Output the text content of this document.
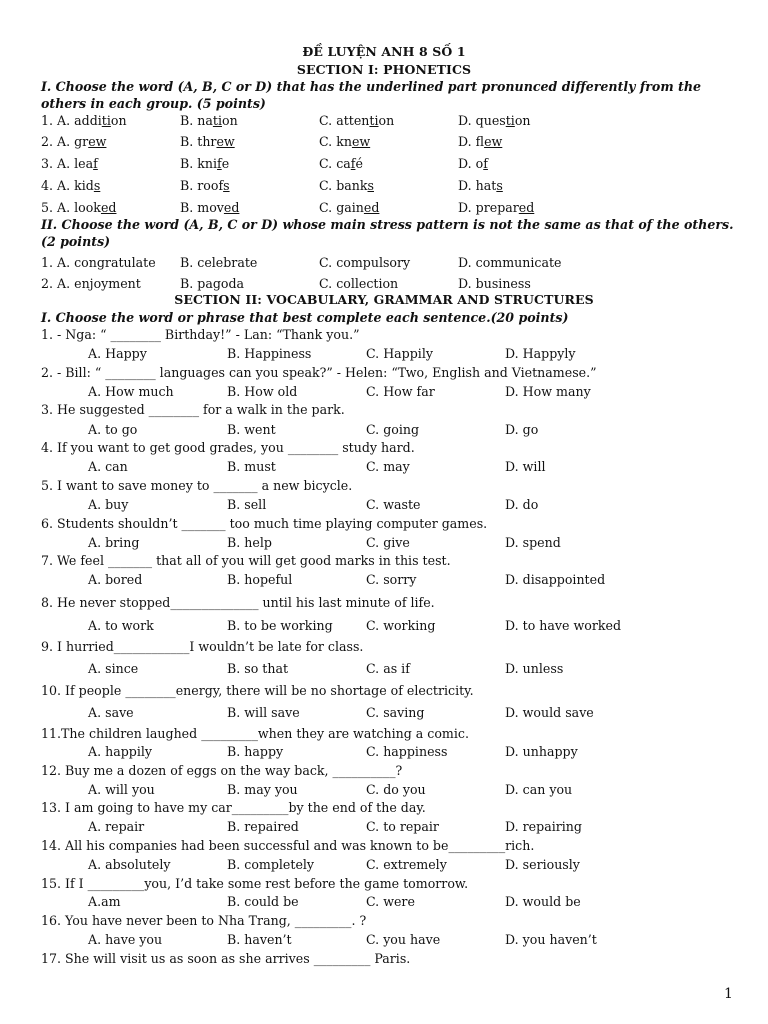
ĐỀ LUYỆN ANH 8 SỐ 1
SECTION I: PHONETICS
I. Choose the word (A, B, C or D) that has the underlined part pronunced differently from the others in each group. (5 points)
1. A. addition	B. nation	C. attention	D. question
2. A. grew	B. threw	C. knew	D. flew
3. A. leaf	B. knife	C. café	D. of
4. A. kids	B. roofs	C. banks	D. hats
5. A. looked	B. moved	C. gained	D. prepared
II. Choose the word (A, B, C or D) whose main stress pattern is not the same as that of the others. (2 points)
1. A. congratulate B. celebrate	C. compulsory	D. communicate
2. A. enjoyment	B. pagoda	C. collection	D. business
SECTION II: VOCABULARY, GRAMMAR AND STRUCTURES
I. Choose the word or phrase that best complete each sentence.(20 points)
1. - Nga: “ ________ Birthday!” - Lan: “Thank you.”
A. Happy	B. Happiness	C. Happily	D. Happyly
2. - Bill: “ ________ languages can you speak?” - Helen: “Two, English and Vietnamese.”
A. How much	B. How old	C. How far	D. How many
3. He suggested ________ for a walk in the park.
A. to go	B. went	C. going	D. go
4. If you want to get good grades, you ________ study hard.
A. can	B. must	C. may	D. will
5. I want to save money to _______ a new bicycle.
A. buy	B. sell	C. waste	D. do
6. Students shouldn’t _______ too much time playing computer games.
A. bring	B. help	C. give	D. spend
7. We feel _______ that all of you will get good marks in this test.
A. bored	B. hopeful	C. sorry	D. disappointed
8. He never stopped______________ until his last minute of life.
A. to work	B. to be working	C. working	D. to have worked
9. I hurried____________I wouldn’t be late for class.
A. since	B. so that	C. as if	D. unless
10. If people ________energy, there will be no shortage of electricity.
A. save	B. will save	C. saving	D. would save
11.The children laughed _________when they are watching a comic.
A. happily	B. happy	C. happiness	D. unhappy
12. Buy me a dozen of eggs on the way back, __________?
A. will you	B. may you	C. do you	D. can you
13. I am going to have my car_________by the end of the day.
A. repair	B. repaired	C. to repair	D. repairing
14. All his companies had been successful and was known to be_________rich.
A. absolutely	B. completely	C. extremely	D. seriously
15. If I _________you, I’d take some rest before the game tomorrow.
A.am	B. could be	C. were	D. would be
16. You have never been to Nha Trang, _________. ?
A. have you	B. haven’t	C. you have	D. you haven’t
17. She will visit us as soon as she arrives _________ Paris.
1
